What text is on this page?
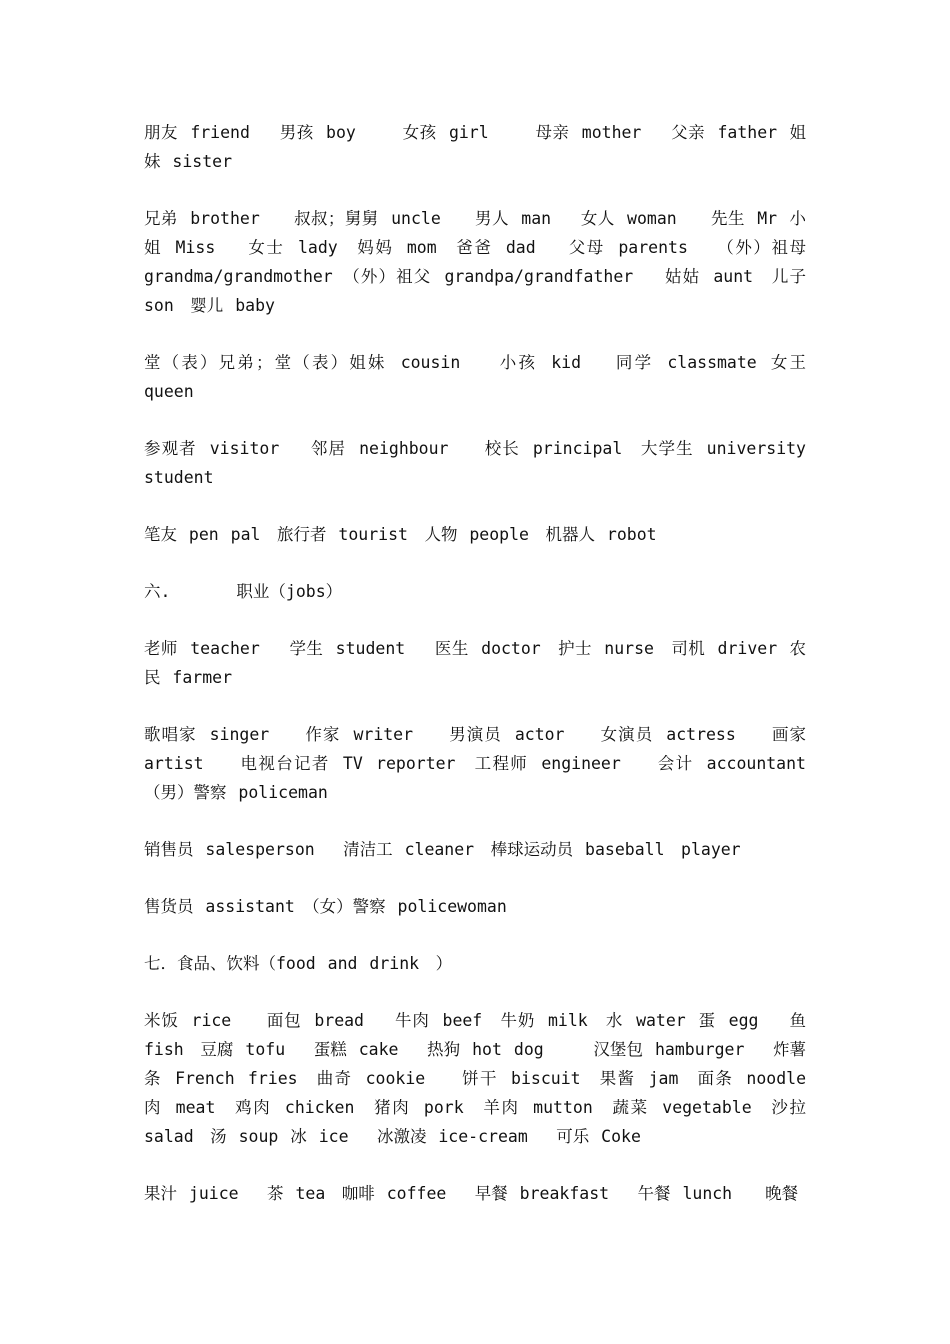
朋友 friend　 男孩 boy　　 女孩 girl　　 母亲 mother　 父亲 father 姐妹 sister

兄弟 brother　　叔叔；舅舅 uncle　　男人 man　 女人 woman　　先生 Mr 小姐 Miss　 女士 lady　妈妈 mom　爸爸 dad　 父母 parents　　（外）祖母 grandma/grandmother　（外）祖父 grandpa/grandfather　 姑姑 aunt　儿子 son　婴儿 baby

堂（表）兄弟；堂（表）姐妹 cousin　　小孩 kid　 同学 classmate 女王 queen

参观者 visitor　 邻居 neighbour　　校长 principal　大学生 university student

笔友 pen pal　旅行者 tourist　人物 people　机器人 robot

六.　　　　职业（jobs）

老师 teacher　 学生 student　 医生 doctor　护士 nurse　司机 driver 农民 farmer

歌唱家 singer　　作家 writer　　男演员 actor　　女演员 actress　　画家 artist　　电视台记者 TV reporter　工程师 engineer　　会计 accountant （男）警察 policeman

销售员 salesperson　 清洁工 cleaner　棒球运动员 baseball　player

售货员 assistant　（女）警察 policewoman

七．食品、饮料（food and drink　）

米饭 rice　　面包 bread　 牛肉 beef　牛奶 milk　水 water 蛋 egg　 鱼 fish　豆腐 tofu　 蛋糕 cake　 热狗 hot dog　　　汉堡包 hamburger　 炸薯条 French fries　曲奇 cookie　　饼干 biscuit　果酱 jam　面条 noodle　 肉 meat　鸡肉 chicken　猪肉 pork　羊肉 mutton　蔬菜 vegetable　沙拉 salad　汤 soup 冰 ice　 冰激凌 ice-cream　 可乐 Coke

果汁 juice　 茶 tea　咖啡 coffee　 早餐 breakfast　 午餐 lunch　　晚餐
